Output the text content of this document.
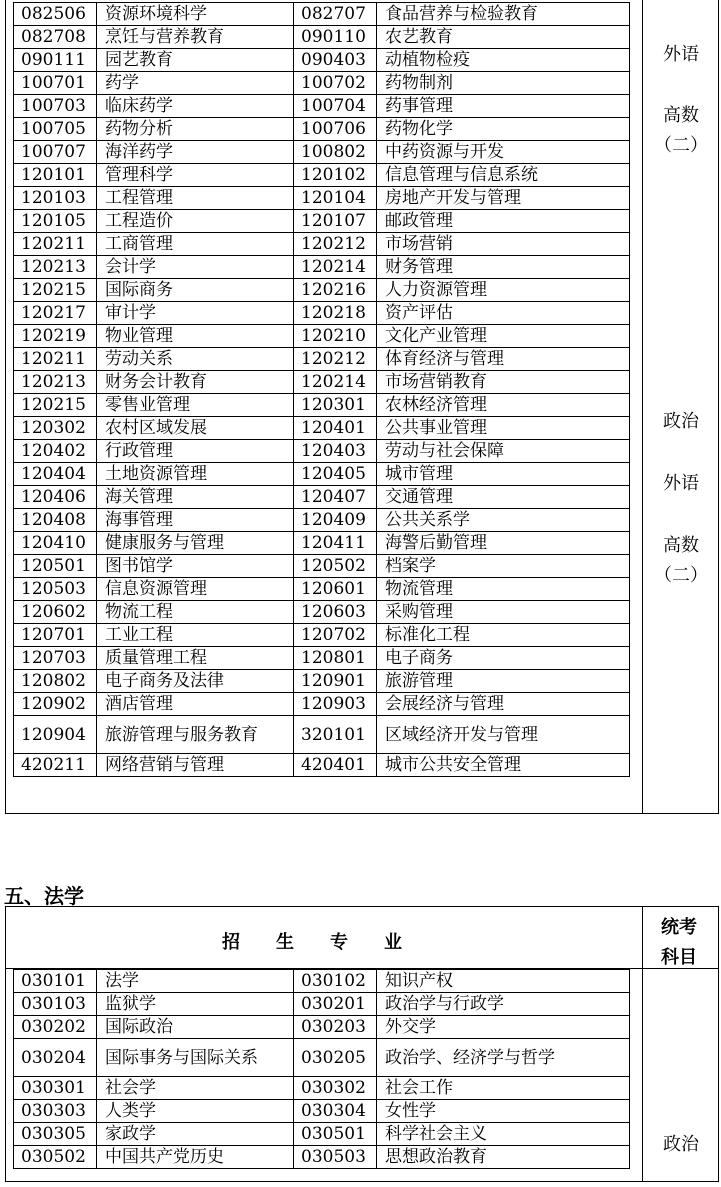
082506	资源环境科学	082707	食品营养与检验教育
082708	烹饪与营养教育	090110	农艺教育
090111	园艺教育	090403	动植物检疫
100701	药学	100702	药物制剂
100703	临床药学	100704	药事管理
100705	药物分析	100706	药物化学
100707	海洋药学	100802	中药资源与开发
120101	管理科学	120102	信息管理与信息系统
120103	工程管理	120104	房地产开发与管理
120105	工程造价	120107	邮政管理
120211	工商管理	120212	市场营销
120213	会计学	120214	财务管理
120215	国际商务	120216	人力资源管理
120217	审计学	120218	资产评估
120219	物业管理	120210	文化产业管理
120211	劳动关系	120212	体育经济与管理
120213	财务会计教育	120214	市场营销教育
120215	零售业管理	120301	农林经济管理
120302	农村区域发展	120401	公共事业管理
120402	行政管理	120403	劳动与社会保障
120404	土地资源管理	120405	城市管理
120406	海关管理	120407	交通管理
120408	海事管理	120409	公共关系学
120410	健康服务与管理	120411	海警后勤管理
120501	图书馆学	120502	档案学
120503	信息资源管理	120601	物流管理
120602	物流工程	120603	采购管理
120701	工业工程	120702	标准化工程
120703	质量管理工程	120801	电子商务
120802	电子商务及法律	120901	旅游管理
120902	酒店管理	120903	会展经济与管理
120904	旅游管理与服务教育	320101	区域经济开发与管理
420211	网络营销与管理	420401	城市公共安全管理
外语
高数
（二）
政治
外语
高数
（二）
五、法学
招　　生　　专　　业
统考
科目
030101	法学	030102	知识产权
030103	监狱学	030201	政治学与行政学
030202	国际政治	030203	外交学
030204	国际事务与国际关系	030205	政治学、经济学与哲学
030301	社会学	030302	社会工作
030303	人类学	030304	女性学
030305	家政学	030501	科学社会主义
030502	中国共产党历史	030503	思想政治教育
政治
